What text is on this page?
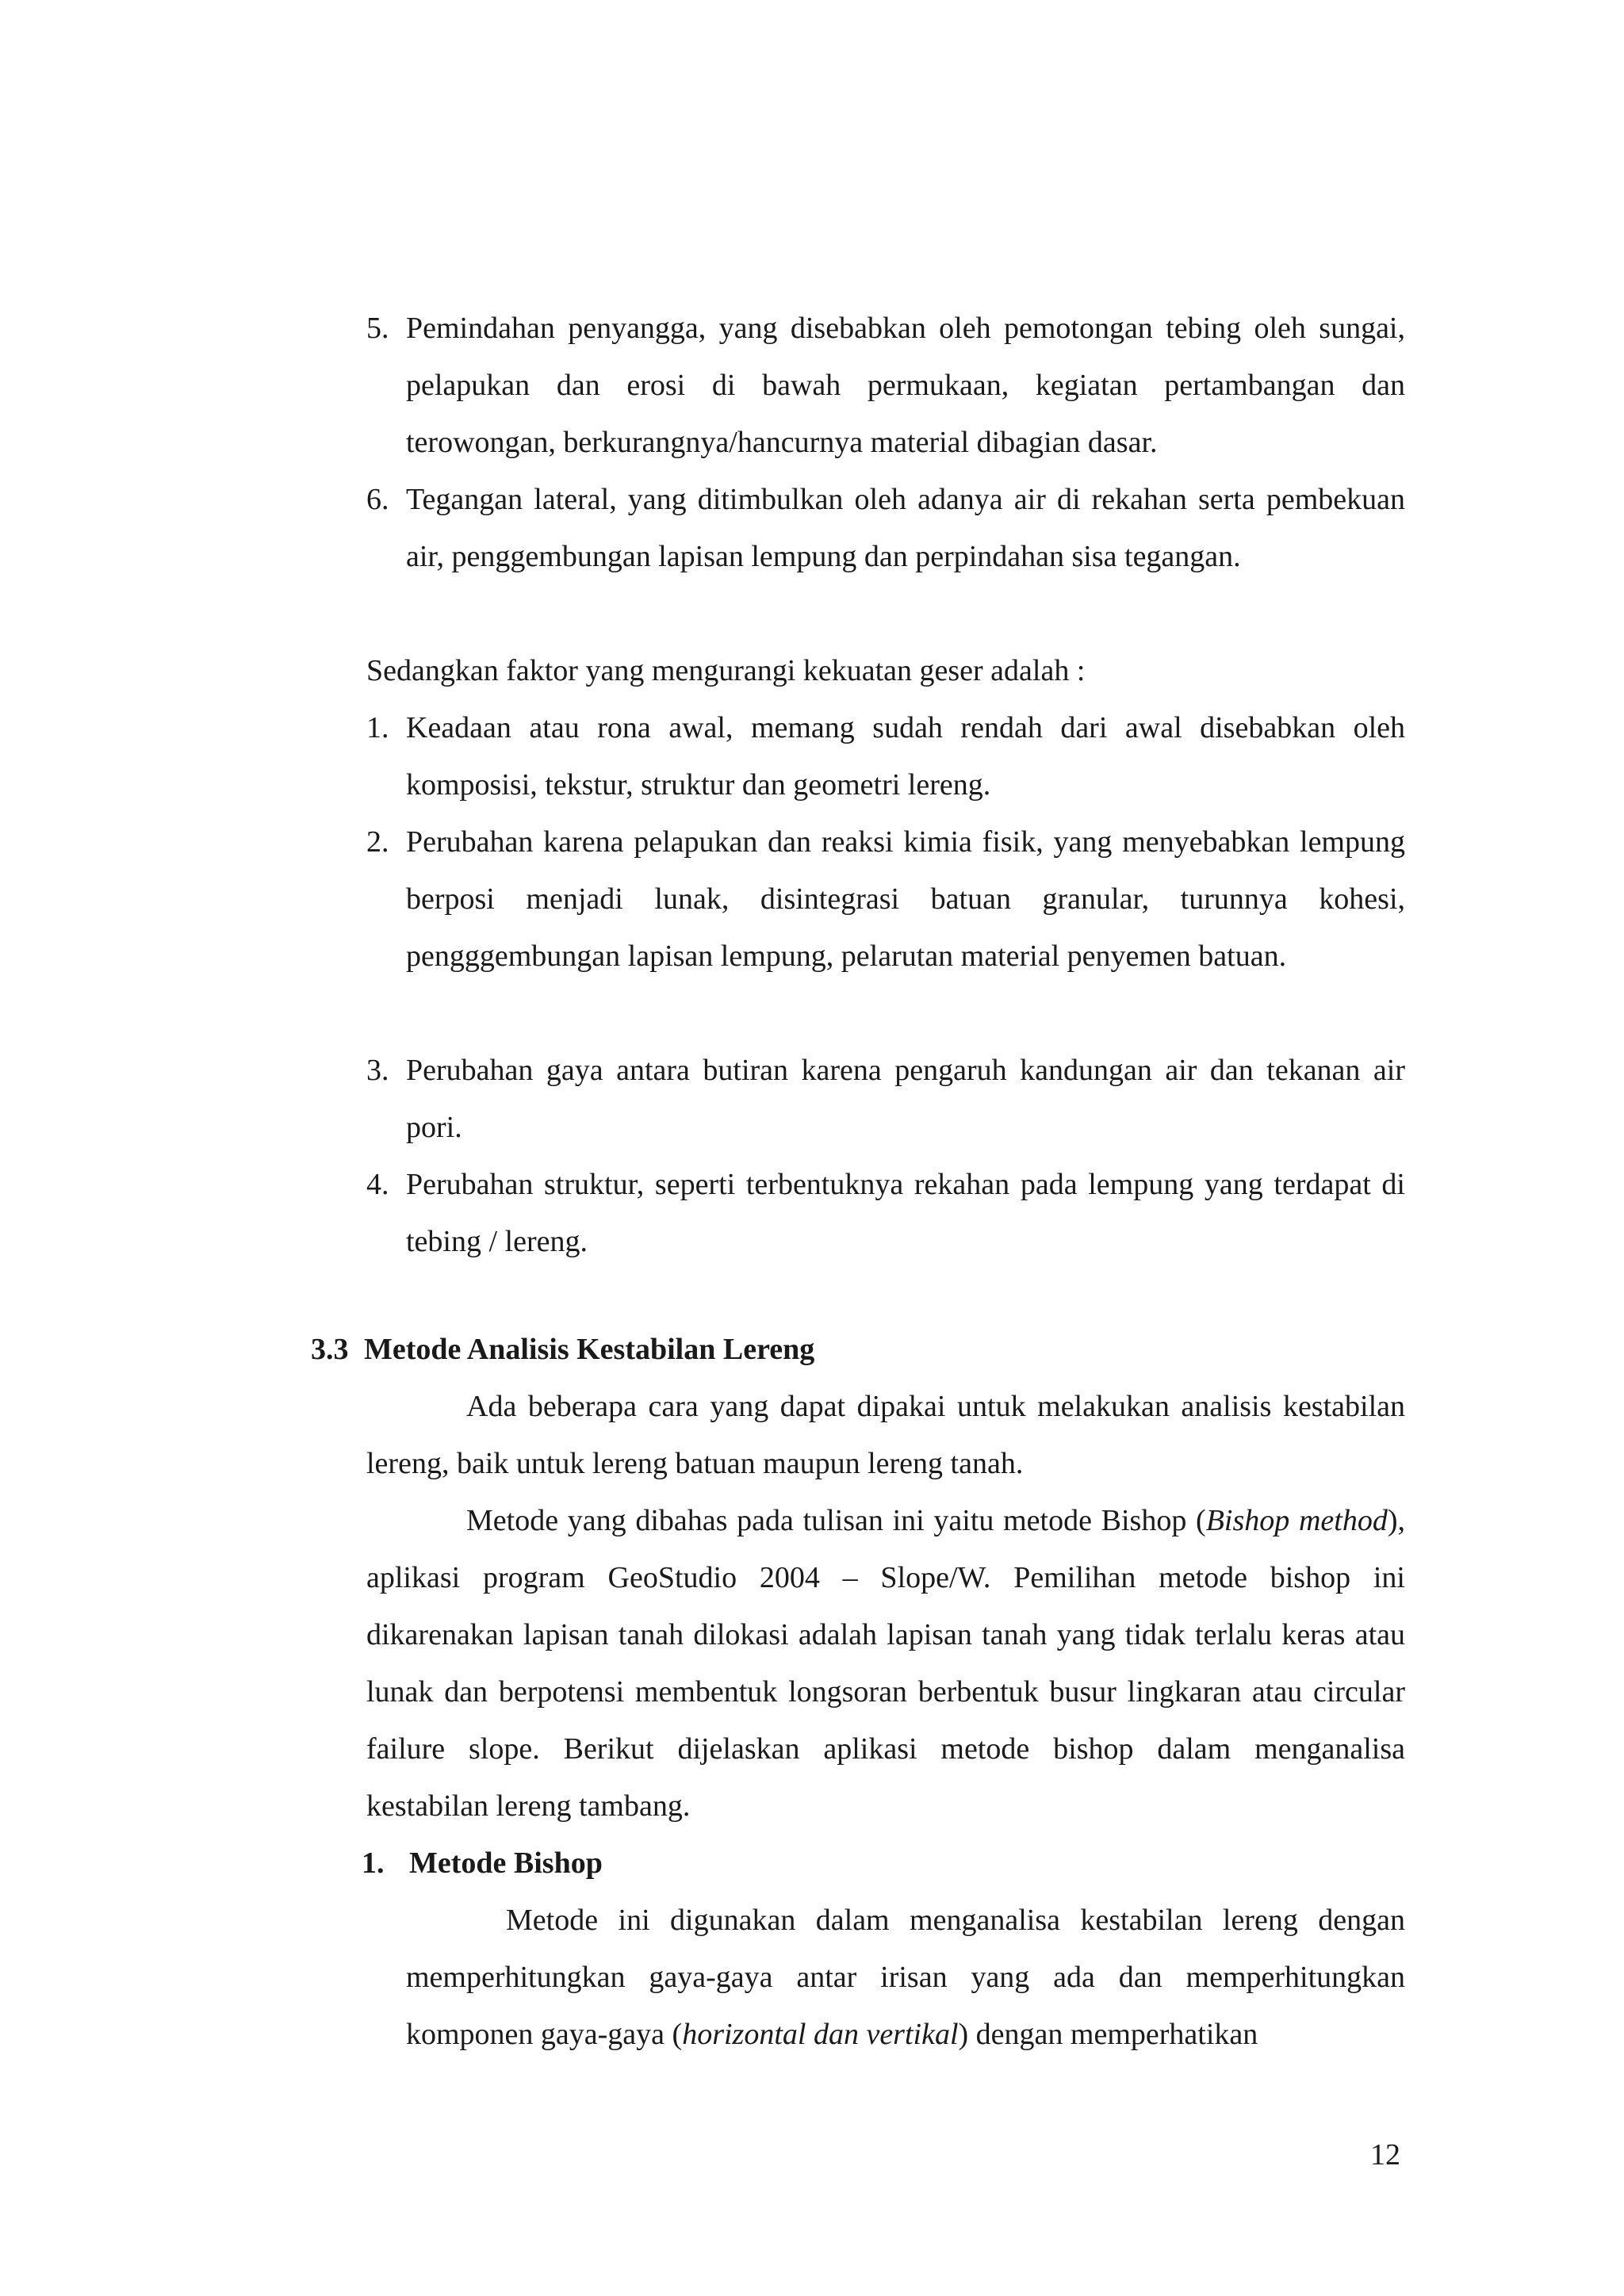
5. Pemindahan penyangga, yang disebabkan oleh pemotongan tebing oleh sungai, pelapukan dan erosi di bawah permukaan, kegiatan pertambangan dan terowongan, berkurangnya/hancurnya material dibagian dasar.
6. Tegangan lateral, yang ditimbulkan oleh adanya air di rekahan serta pembekuan air, penggembungan lapisan lempung dan perpindahan sisa tegangan.

Sedangkan faktor yang mengurangi kekuatan geser adalah :

1. Keadaan atau rona awal, memang sudah rendah dari awal disebabkan oleh komposisi, tekstur, struktur dan geometri lereng.
2. Perubahan karena pelapukan dan reaksi kimia fisik, yang menyebabkan lempung berposi menjadi lunak, disintegrasi batuan granular, turunnya kohesi, pengggembungan lapisan lempung, pelarutan material penyemen batuan.
3. Perubahan gaya antara butiran karena pengaruh kandungan air dan tekanan air pori.
4. Perubahan struktur, seperti terbentuknya rekahan pada lempung yang terdapat di tebing / lereng.
3.3 Metode Analisis Kestabilan Lereng

Ada beberapa cara yang dapat dipakai untuk melakukan analisis kestabilan lereng, baik untuk lereng batuan maupun lereng tanah.

Metode yang dibahas pada tulisan ini yaitu metode Bishop (Bishop method), aplikasi program GeoStudio 2004 – Slope/W. Pemilihan metode bishop ini dikarenakan lapisan tanah dilokasi adalah lapisan tanah yang tidak terlalu keras atau lunak dan berpotensi membentuk longsoran berbentuk busur lingkaran atau circular failure slope. Berikut dijelaskan aplikasi metode bishop dalam menganalisa kestabilan lereng tambang.

1. Metode Bishop

Metode ini digunakan dalam menganalisa kestabilan lereng dengan memperhitungkan gaya-gaya antar irisan yang ada dan memperhitungkan komponen gaya-gaya (horizontal dan vertikal) dengan memperhatikan

12
